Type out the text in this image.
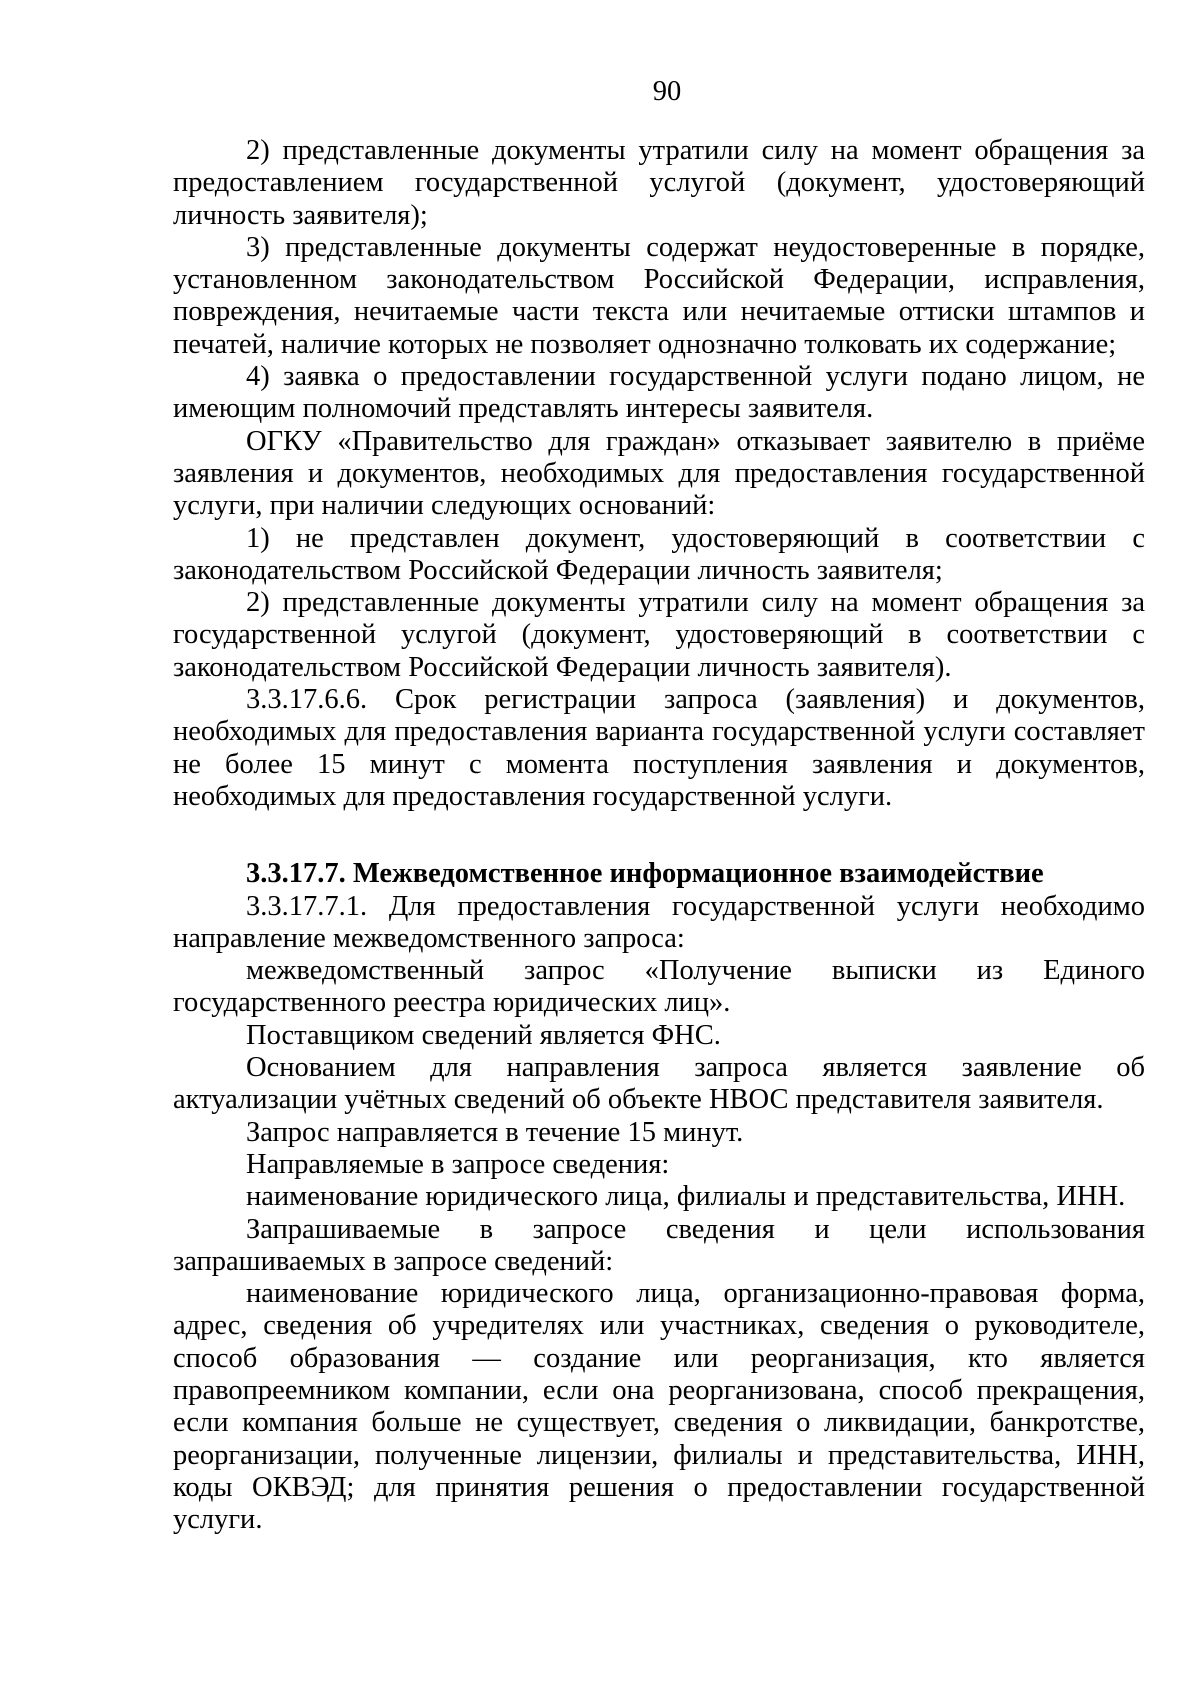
90

2) представленные документы утратили силу на момент обращения за предоставлением государственной услугой (документ, удостоверяющий личность заявителя);

3) представленные документы содержат неудостоверенные в порядке, установленном законодательством Российской Федерации, исправления, повреждения, нечитаемые части текста или нечитаемые оттиски штампов и печатей, наличие которых не позволяет однозначно толковать их содержание;

4) заявка о предоставлении государственной услуги подано лицом, не имеющим полномочий представлять интересы заявителя.

ОГКУ «Правительство для граждан» отказывает заявителю в приёме заявления и документов, необходимых для предоставления государственной услуги, при наличии следующих оснований:

1) не представлен документ, удостоверяющий в соответствии с законодательством Российской Федерации личность заявителя;

2) представленные документы утратили силу на момент обращения за государственной услугой (документ, удостоверяющий в соответствии с законодательством Российской Федерации личность заявителя).

3.3.17.6.6. Срок регистрации запроса (заявления) и документов, необходимых для предоставления варианта государственной услуги составляет не более 15 минут с момента поступления заявления и документов, необходимых для предоставления государственной услуги.

3.3.17.7. Межведомственное информационное взаимодействие

3.3.17.7.1. Для предоставления государственной услуги необходимо направление межведомственного запроса:

межведомственный запрос «Получение выписки из Единого государственного реестра юридических лиц».

Поставщиком сведений является ФНС.

Основанием для направления запроса является заявление об актуализации учётных сведений об объекте НВОС представителя заявителя.

Запрос направляется в течение 15 минут.

Направляемые в запросе сведения:

наименование юридического лица, филиалы и представительства, ИНН.

Запрашиваемые в запросе сведения и цели использования запрашиваемых в запросе сведений:

наименование юридического лица, организационно-правовая форма, адрес, сведения об учредителях или участниках, сведения о руководителе, способ образования — создание или реорганизация, кто является правопреемником компании, если она реорганизована, способ прекращения, если компания больше не существует, сведения о ликвидации, банкротстве, реорганизации, полученные лицензии, филиалы и представительства, ИНН, коды ОКВЭД; для принятия решения о предоставлении государственной услуги.
